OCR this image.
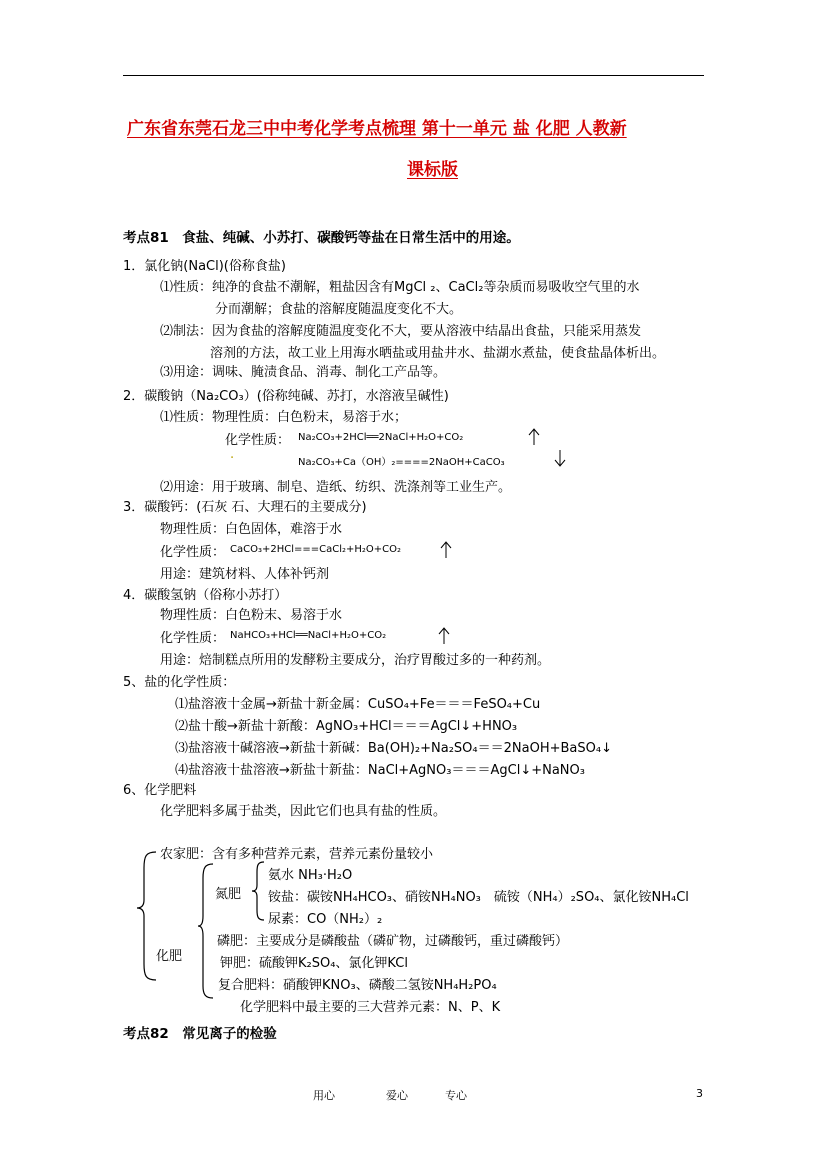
广东省东莞石龙三中中考化学考点梳理 第十一单元 盐 化肥 人教新
课标版
考点81　食盐、纯碱、小苏打、碳酸钙等盐在日常生活中的用途。
1．氯化钠(NaCl)(俗称食盐)
⑴性质：纯净的食盐不潮解，粗盐因含有MgCl ₂、CaCl₂等杂质而易吸收空气里的水
分而潮解；食盐的溶解度随温度变化不大。
⑵制法：因为食盐的溶解度随温度变化不大，要从溶液中结晶出食盐，只能采用蒸发
溶剂的方法，故工业上用海水晒盐或用盐井水、盐湖水煮盐，使食盐晶体析出。
⑶用途：调味、腌渍食品、消毒、制化工产品等。
2．碳酸钠（Na₂CO₃）(俗称纯碱、苏打，水溶液呈碱性)
⑴性质：物理性质：白色粉末，易溶于水；
化学性质： Na₂CO₃+2HCl══2NaCl+H₂O+CO₂
.
Na₂CO₃+Ca（OH）₂====2NaOH+CaCO₃
⑵用途：用于玻璃、制皂、造纸、纺织、洗涤剂等工业生产。
3．碳酸钙：(石灰 石、大理石的主要成分)
物理性质：白色固体，难溶于水
化学性质： CaCO₃+2HCl===CaCl₂+H₂O+CO₂
用途：建筑材料、人体补钙剂
4．碳酸氢钠（俗称小苏打）
物理性质：白色粉末、易溶于水
化学性质： NaHCO₃+HCl══NaCl+H₂O+CO₂
用途：焙制糕点所用的发酵粉主要成分，治疗胃酸过多的一种药剂。
5、盐的化学性质：
⑴盐溶液十金属→新盐十新金属：CuSO₄+Fe＝＝＝FeSO₄+Cu
⑵盐十酸→新盐十新酸：AgNO₃+HCl＝＝＝AgCl↓+HNO₃
⑶盐溶液十碱溶液→新盐十新碱：Ba(OH)₂+Na₂SO₄＝＝2NaOH+BaSO₄↓
⑷盐溶液十盐溶液→新盐十新盐：NaCl+AgNO₃＝＝＝AgCl↓+NaNO₃
6、化学肥料
化学肥料多属于盐类，因此它们也具有盐的性质。
农家肥：含有多种营养元素，营养元素份量较小
化肥
氮肥
氨水 NH₃·H₂O
铵盐：碳铵NH₄HCO₃、硝铵NH₄NO₃　硫铵（NH₄）₂SO₄、氯化铵NH₄Cl
尿素：CO（NH₂）₂
磷肥：主要成分是磷酸盐（磷矿物，过磷酸钙，重过磷酸钙）
钾肥：硫酸钾K₂SO₄、氯化钾KCl
复合肥料：硝酸钾KNO₃、磷酸二氢铵NH₄H₂PO₄
化学肥料中最主要的三大营养元素：N、P、K
考点82　常见离子的检验
用心	爱心	专心	3
